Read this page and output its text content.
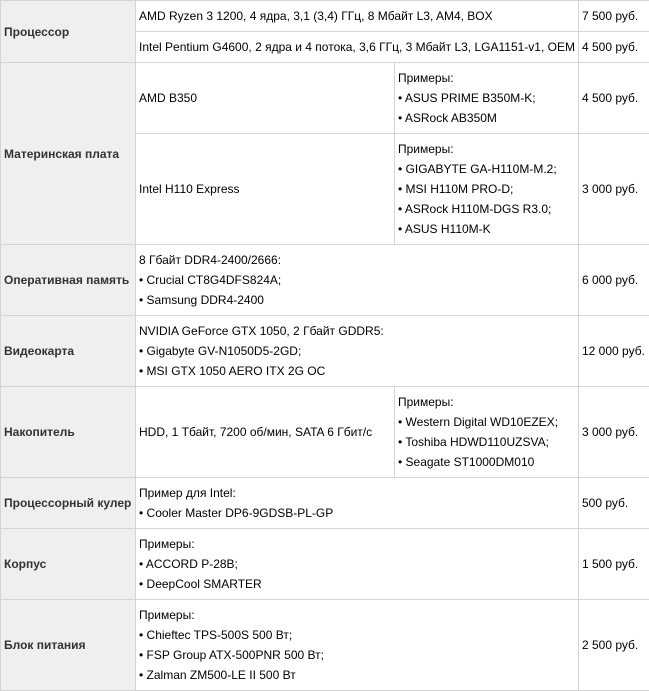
Процессор	AMD Ryzen 3 1200, 4 ядра, 3,1 (3,4) ГГц, 8 Мбайт L3, AM4, BOX		7 500 руб.
	Intel Pentium G4600, 2 ядра и 4 потока, 3,6 ГГц, 3 Мбайт L3, LGA1151-v1, OEM		4 500 руб.
Материнская плата	AMD B350	Примеры:
• ASUS PRIME B350M-K;
• ASRock AB350M	4 500 руб.
	Intel H110 Express	Примеры:
• GIGABYTE GA-H110M-M.2;
• MSI H110M PRO-D;
• ASRock H110M-DGS R3.0;
• ASUS H110M-K	3 000 руб.
Оперативная память	8 Гбайт DDR4-2400/2666:
• Crucial CT8G4DFS824A;
• Samsung DDR4-2400		6 000 руб.
Видеокарта	NVIDIA GeForce GTX 1050, 2 Гбайт GDDR5:
• Gigabyte GV-N1050D5-2GD;
• MSI GTX 1050 AERO ITX 2G OC		12 000 руб.
Накопитель	HDD, 1 Тбайт, 7200 об/мин, SATA 6 Гбит/с	Примеры:
• Western Digital WD10EZEX;
• Toshiba HDWD110UZSVA;
• Seagate ST1000DM010	3 000 руб.
Процессорный кулер	Пример для Intel:
• Cooler Master DP6-9GDSB-PL-GP		500 руб.
Корпус	Примеры:
• ACCORD P-28B;
• DeepCool SMARTER		1 500 руб.
Блок питания	Примеры:
• Chieftec TPS-500S 500 Вт;
• FSP Group ATX-500PNR 500 Вт;
• Zalman ZM500-LE II 500 Вт		2 500 руб.
